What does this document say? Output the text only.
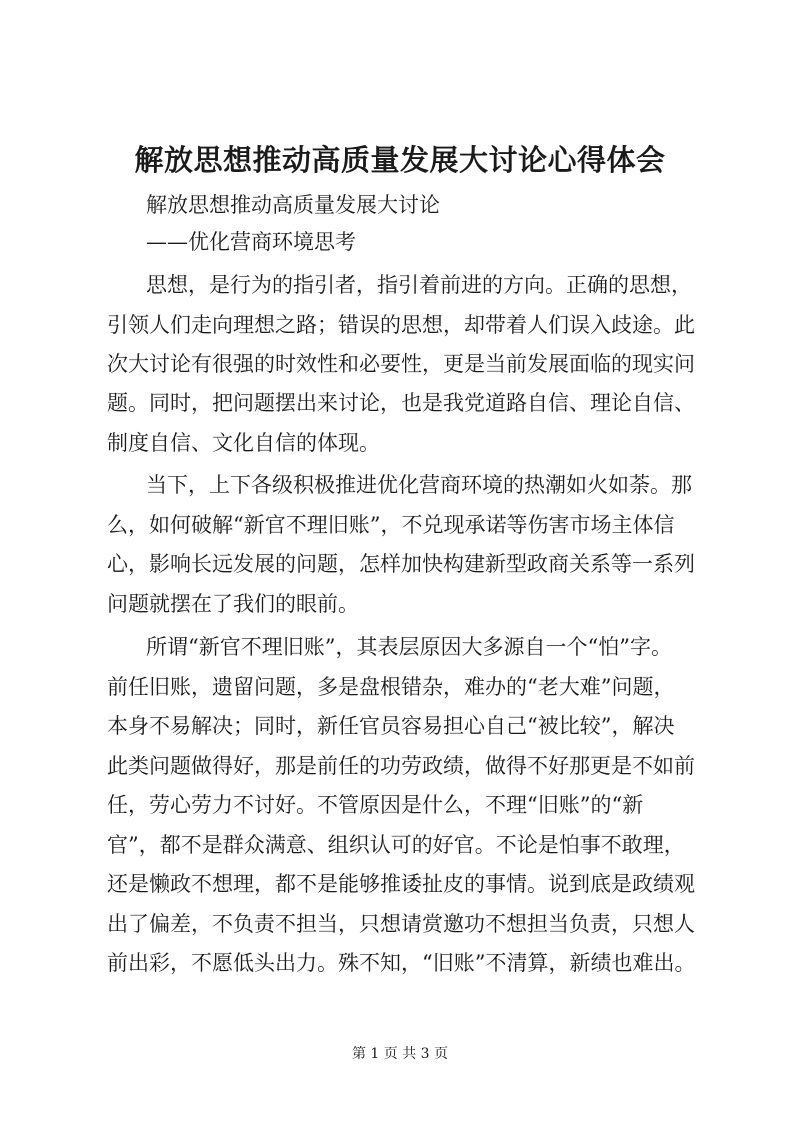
解放思想推动高质量发展大讨论心得体会

解放思想推动高质量发展大讨论

——优化营商环境思考

思想，是行为的指引者，指引着前进的方向。正确的思想，

引领人们走向理想之路；错误的思想，却带着人们误入歧途。此

次大讨论有很强的时效性和必要性，更是当前发展面临的现实问

题。同时，把问题摆出来讨论，也是我党道路自信、理论自信、

制度自信、文化自信的体现。

当下，上下各级积极推进优化营商环境的热潮如火如荼。那

么，如何破解“新官不理旧账”，不兑现承诺等伤害市场主体信

心，影响长远发展的问题，怎样加快构建新型政商关系等一系列

问题就摆在了我们的眼前。

所谓“新官不理旧账”，其表层原因大多源自一个“怕”字。

前任旧账，遗留问题，多是盘根错杂，难办的“老大难”问题，

本身不易解决；同时，新任官员容易担心自己“被比较”，解决

此类问题做得好，那是前任的功劳政绩，做得不好那更是不如前

任，劳心劳力不讨好。不管原因是什么，不理“旧账”的“新

官”，都不是群众满意、组织认可的好官。不论是怕事不敢理，

还是懒政不想理，都不是能够推诿扯皮的事情。说到底是政绩观

出了偏差，不负责不担当，只想请赏邀功不想担当负责，只想人

前出彩，不愿低头出力。殊不知，“旧账”不清算，新绩也难出。

第 1 页 共 3 页
